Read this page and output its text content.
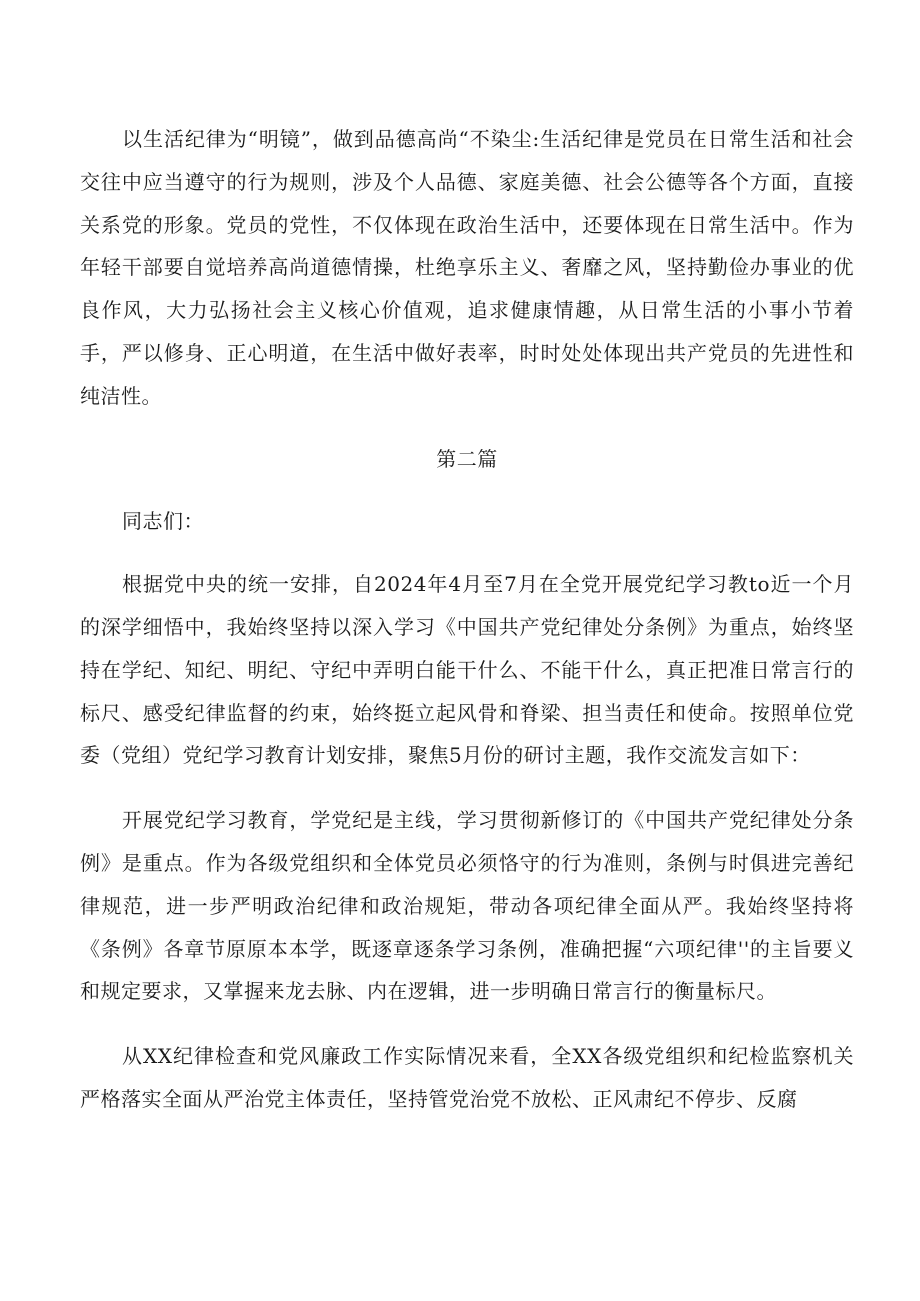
以生活纪律为“明镜”，做到品德高尚“不染尘:生活纪律是党员在日常生活和社会交往中应当遵守的行为规则，涉及个人品德、家庭美德、社会公德等各个方面，直接关系党的形象。党员的党性，不仅体现在政治生活中，还要体现在日常生活中。作为年轻干部要自觉培养高尚道德情操，杜绝享乐主义、奢靡之风，坚持勤俭办事业的优良作风，大力弘扬社会主义核心价值观，追求健康情趣，从日常生活的小事小节着手，严以修身、正心明道，在生活中做好表率，时时处处体现出共产党员的先进性和纯洁性。

第二篇

同志们：

根据党中央的统一安排，自2024年4月至7月在全党开展党纪学习教to近一个月的深学细悟中，我始终坚持以深入学习《中国共产党纪律处分条例》为重点，始终坚持在学纪、知纪、明纪、守纪中弄明白能干什么、不能干什么，真正把准日常言行的标尺、感受纪律监督的约束，始终挺立起风骨和脊梁、担当责任和使命。按照单位党委（党组）党纪学习教育计划安排，聚焦5月份的研讨主题，我作交流发言如下：

开展党纪学习教育，学党纪是主线，学习贯彻新修订的《中国共产党纪律处分条例》是重点。作为各级党组织和全体党员必须恪守的行为准则，条例与时俱进完善纪律规范，进一步严明政治纪律和政治规矩，带动各项纪律全面从严。我始终坚持将《条例》各章节原原本本学，既逐章逐条学习条例，准确把握“六项纪律''的主旨要义和规定要求，又掌握来龙去脉、内在逻辑，进一步明确日常言行的衡量标尺。

从XX纪律检查和党风廉政工作实际情况来看，全XX各级党组织和纪检监察机关严格落实全面从严治党主体责任，坚持管党治党不放松、正风肃纪不停步、反腐
